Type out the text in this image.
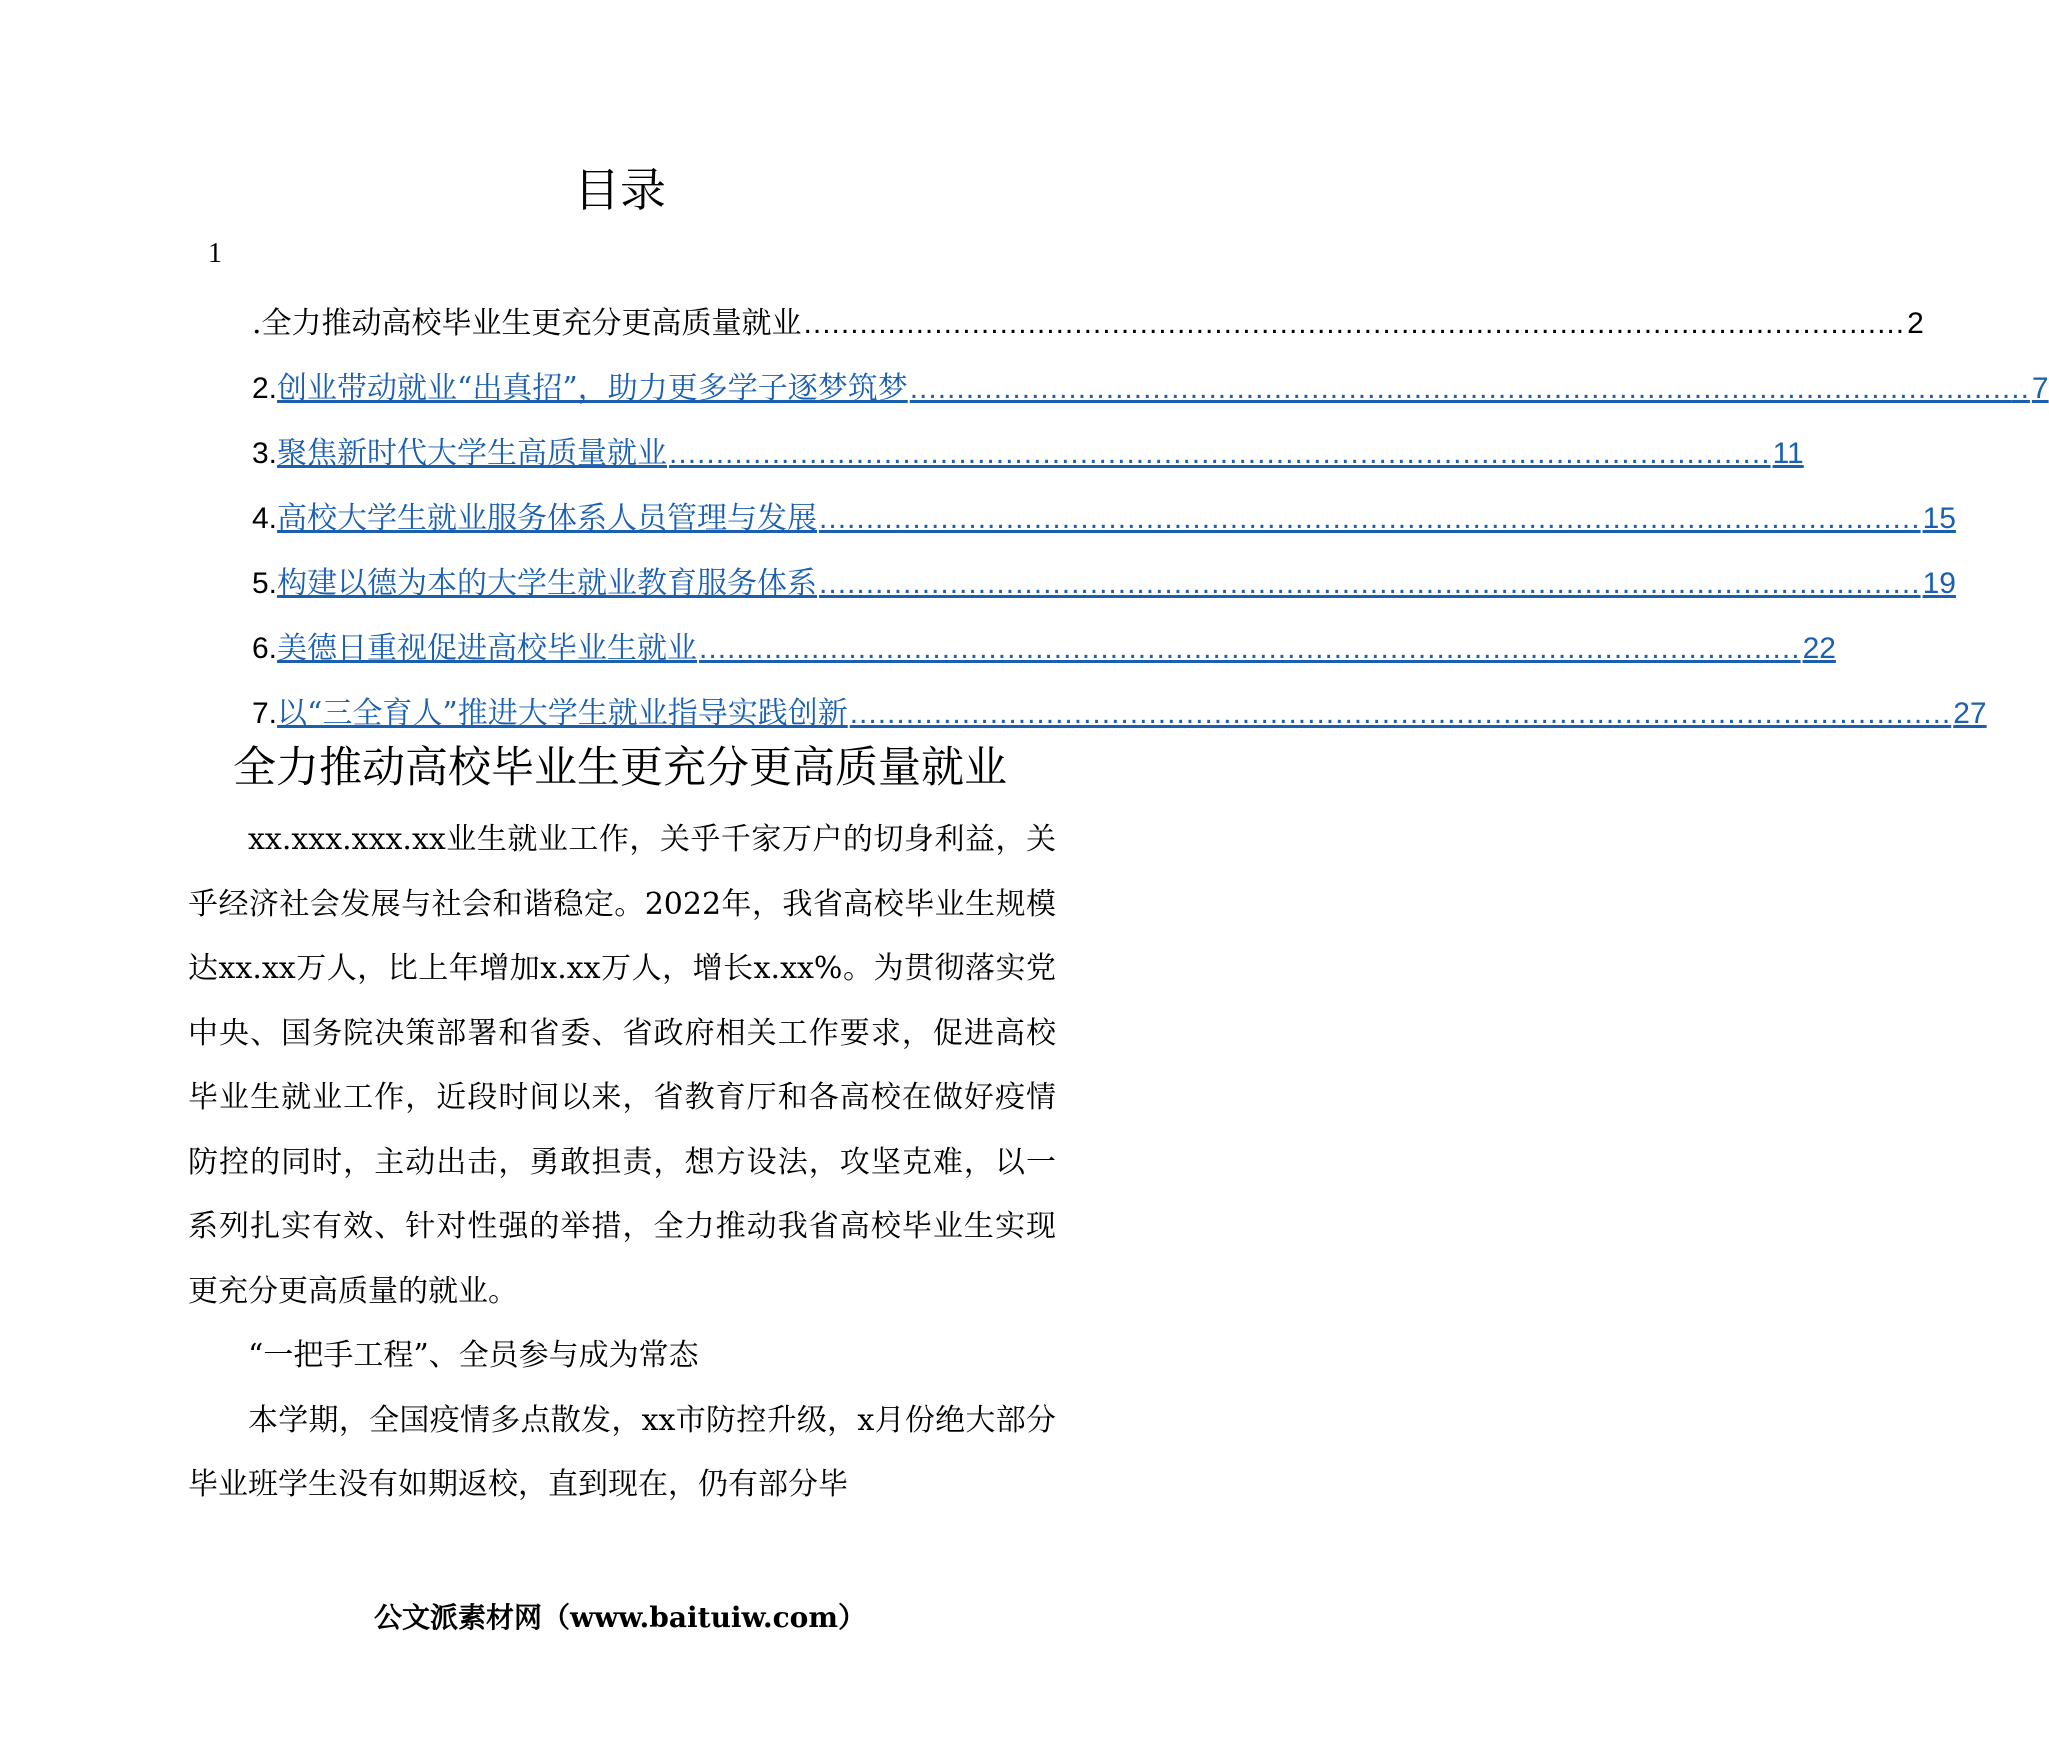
目录
1
.全力推动高校毕业生更充分更高质量就业 .....	2
2. 创业带动就业“出真招”，助力更多学子逐梦筑梦	..... .. 7
3. 聚焦新时代大学生高质量就业 .....	11
4. 高校大学生就业服务体系人员管理与发展 .....	15
5. 构建以德为本的大学生就业教育服务体系 .....	19
6. 美德日重视促进高校毕业生就业 .....	22
7. 以“三全育人”推进大学生就业指导实践创新 .....	27
全力推动高校毕业生更充分更高质量就业

xx.xxx.xxx.xx业生就业工作，关乎千家万户的切身利益，关乎经济社会发展与社会和谐稳定。2022年，我省高校毕业生规模达xx.xx万人，比上年增加x.xx万人，增长x.xx%。为贯彻落实党中央、国务院决策部署和省委、省政府相关工作要求，促进高校毕业生就业工作，近段时间以来，省教育厅和各高校在做好疫情防控的同时，主动出击，勇敢担责，想方设法，攻坚克难，以一系列扎实有效、针对性强的举措，全力推动我省高校毕业生实现更充分更高质量的就业。

“一把手工程”、全员参与成为常态

本学期，全国疫情多点散发，xx市防控升级，x月份绝大部分毕业班学生没有如期返校，直到现在，仍有部分毕

公文派素材网（www.baituiw.com）
